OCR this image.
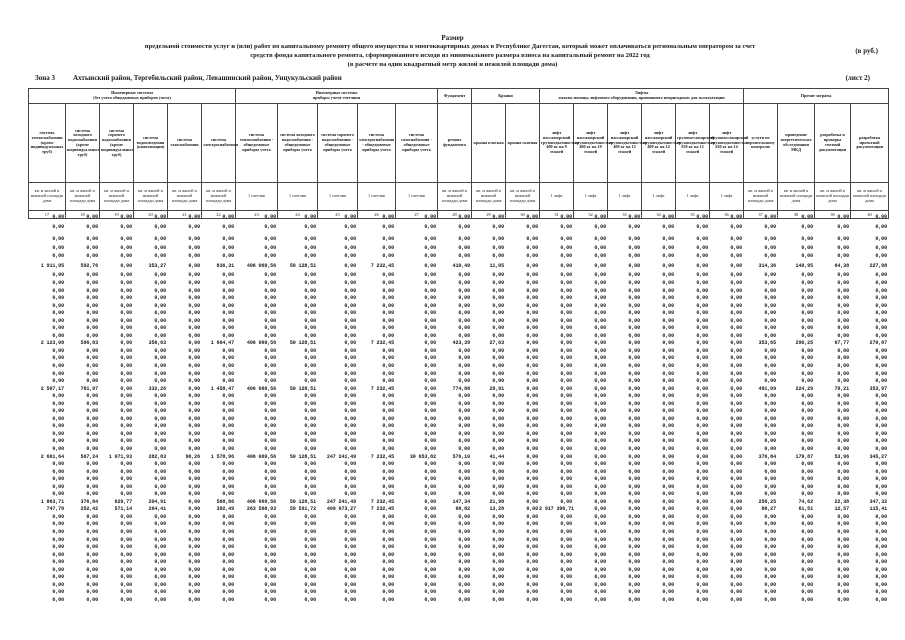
Размер
предельной стоимости услуг и (или) работ по капитальному ремонту общего имущества в многоквартирных домах в Республике Дагестан, который может оплачиваться региональным оператором за счет
средств фонда капитального ремонта, сформированного исходя из минимального размера взноса на капитальный ремонт на 2022 год
(в расчете на один квадратный метр жилой и нежилой площади дома)
(в руб.)
Зона 3	Ахтынский район, Тергебильский район, Левашинский район, Унцукульский район	(лист 2)
Инженерные системы
(без учета общедомовых приборов учета)						Инженерные системы
приборы учета-счетчики					Фундамент	Крыши		Лифты
оплаты помощь лифтового оборудования, признанного непригодным для эксплуатации						Прочие затраты			
система теплоснабжения (кроме индивидуальных труб)	система холодного водоснабжения (кроме индивидуальных труб)	система горячего водоснабжения (кроме индивидуальных труб)	система водоотведения (канализации)	система газоснабжения	система электроснабжения	система теплоснабжения - общедомовые приборы учета	система холодного водоснабжения - общедомовые приборы учета	система горячего водоснабжения - общедомовые приборы учета	система электроснабжения - общедомовые приборы учета	система газоснабжения - общедомовые приборы учета	ремонт фундамента	крыша плоская	крыша скатная	лифт пассажирский грузоподъемностью 400 кг на 9 этажей	лифт пассажирский грузоподъемностью 400 кг на 10 этажей	лифт пассажирский грузоподъемностью 400 кг на 12 этажей	лифт пассажирский грузоподъемностью 400 кг на 14 этажей	лифт грузопассажирский грузоподъемностью 630 кг на 12 этажей	лифт грузопассажирский грузоподъемностью 630 кг на 14 этажей	услуги по строительному контролю	проведение энергетического обследования МКД	разработка и проверка сметной документации	разработка проектной документации
кв. м жилой и нежилой площади дома	кв. м жилой и нежилой площади дома	кв. м жилой и нежилой площади дома	кв. м жилой и нежилой площади дома	кв. м жилой и нежилой площади дома	кв. м жилой и нежилой площади дома	1 счетчик	1 счетчик	1 счетчик	1 счетчик	1 счетчик	кв. м жилой и нежилой площади дома	кв. м жилой и нежилой площади дома	кв. м жилой и нежилой площади дома	1 лифт	1 лифт	1 лифт	1 лифт	1 лифт	1 лифт	кв. м жилой и нежилой площади дома	кв. м жилой и нежилой площади дома	кв. м жилой и нежилой площади дома	кв. м жилой и нежилой площади дома
17	18	19	20	21	22	23	24	25	26	27	28	29	30	31	32	33	34	35	36	37	38	39	40
0,00	0,00	0,00	0,00	0,00	0,00	0,00	0,00	0,00	0,00	0,00	0,00	0,00	0,00	0,00	0,00	0,00	0,00	0,00	0,00	0,00	0,00	0,00	0,00
0,00	0,00	0,00	0,00	0,00	0,00	0,00	0,00	0,00	0,00	0,00	0,00	0,00	0,00	0,00	0,00	0,00	0,00	0,00	0,00	0,00	0,00	0,00	0,00
0,00	0,00	0,00	0,00	0,00	0,00	0,00	0,00	0,00	0,00	0,00	0,00	0,00	0,00	0,00	0,00	0,00	0,00	0,00	0,00	0,00	0,00	0,00	0,00
0,00	0,00	0,00	0,00	0,00	0,00	0,00	0,00	0,00	0,00	0,00	0,00	0,00	0,00	0,00	0,00	0,00	0,00	0,00	0,00	0,00	0,00	0,00	0,00
0,00	0,00	0,00	0,00	0,00	0,00	0,00	0,00	0,00	0,00	0,00	0,00	0,00	0,00	0,00	0,00	0,00	0,00	0,00	0,00	0,00	0,00	0,00	0,00
1 911,95	592,76	0,00	353,27	0,00	836,31	406 069,56	50 128,51	0,00	7 232,45	0,00	410,49	11,05	0,00	0,00	0,00	0,00	0,00	0,00	0,00	314,36	149,95	64,38	227,98
0,00	0,00	0,00	0,00	0,00	0,00	0,00	0,00	0,00	0,00	0,00	0,00	0,00	0,00	0,00	0,00	0,00	0,00	0,00	0,00	0,00	0,00	0,00	0,00
0,00	0,00	0,00	0,00	0,00	0,00	0,00	0,00	0,00	0,00	0,00	0,00	0,00	0,00	0,00	0,00	0,00	0,00	0,00	0,00	0,00	0,00	0,00	0,00
0,00	0,00	0,00	0,00	0,00	0,00	0,00	0,00	0,00	0,00	0,00	0,00	0,00	0,00	0,00	0,00	0,00	0,00	0,00	0,00	0,00	0,00	0,00	0,00
0,00	0,00	0,00	0,00	0,00	0,00	0,00	0,00	0,00	0,00	0,00	0,00	0,00	0,00	0,00	0,00	0,00	0,00	0,00	0,00	0,00	0,00	0,00	0,00
0,00	0,00	0,00	0,00	0,00	0,00	0,00	0,00	0,00	0,00	0,00	0,00	0,00	0,00	0,00	0,00	0,00	0,00	0,00	0,00	0,00	0,00	0,00	0,00
0,00	0,00	0,00	0,00	0,00	0,00	0,00	0,00	0,00	0,00	0,00	0,00	0,00	0,00	0,00	0,00	0,00	0,00	0,00	0,00	0,00	0,00	0,00	0,00
0,00	0,00	0,00	0,00	0,00	0,00	0,00	0,00	0,00	0,00	0,00	0,00	0,00	0,00	0,00	0,00	0,00	0,00	0,00	0,00	0,00	0,00	0,00	0,00
0,00	0,00	0,00	0,00	0,00	0,00	0,00	0,00	0,00	0,00	0,00	0,00	0,00	0,00	0,00	0,00	0,00	0,00	0,00	0,00	0,00	0,00	0,00	0,00
0,00	0,00	0,00	0,00	0,00	0,00	0,00	0,00	0,00	0,00	0,00	0,00	0,00	0,00	0,00	0,00	0,00	0,00	0,00	0,00	0,00	0,00	0,00	0,00
2 123,08	596,83	0,00	356,63	0,00	1 664,47	406 069,56	50 128,51	0,00	7 232,45	0,00	423,39	27,63	0,00	0,00	0,00	0,00	0,00	0,00	0,00	353,65	290,25	67,77	270,87
0,00	0,00	0,00	0,00	0,00	0,00	0,00	0,00	0,00	0,00	0,00	0,00	0,00	0,00	0,00	0,00	0,00	0,00	0,00	0,00	0,00	0,00	0,00	0,00
0,00	0,00	0,00	0,00	0,00	0,00	0,00	0,00	0,00	0,00	0,00	0,00	0,00	0,00	0,00	0,00	0,00	0,00	0,00	0,00	0,00	0,00	0,00	0,00
0,00	0,00	0,00	0,00	0,00	0,00	0,00	0,00	0,00	0,00	0,00	0,00	0,00	0,00	0,00	0,00	0,00	0,00	0,00	0,00	0,00	0,00	0,00	0,00
0,00	0,00	0,00	0,00	0,00	0,00	0,00	0,00	0,00	0,00	0,00	0,00	0,00	0,00	0,00	0,00	0,00	0,00	0,00	0,00	0,00	0,00	0,00	0,00
0,00	0,00	0,00	0,00	0,00	0,00	0,00	0,00	0,00	0,00	0,00	0,00	0,00	0,00	0,00	0,00	0,00	0,00	0,00	0,00	0,00	0,00	0,00	0,00
2 507,17	761,97	0,00	332,26	0,00	1 458,47	406 069,56	50 128,51	0,00	7 232,45	0,00	774,88	29,91	0,00	0,00	0,00	0,00	0,00	0,00	0,00	491,09	224,29	79,21	353,97
0,00	0,00	0,00	0,00	0,00	0,00	0,00	0,00	0,00	0,00	0,00	0,00	0,00	0,00	0,00	0,00	0,00	0,00	0,00	0,00	0,00	0,00	0,00	0,00
0,00	0,00	0,00	0,00	0,00	0,00	0,00	0,00	0,00	0,00	0,00	0,00	0,00	0,00	0,00	0,00	0,00	0,00	0,00	0,00	0,00	0,00	0,00	0,00
0,00	0,00	0,00	0,00	0,00	0,00	0,00	0,00	0,00	0,00	0,00	0,00	0,00	0,00	0,00	0,00	0,00	0,00	0,00	0,00	0,00	0,00	0,00	0,00
0,00	0,00	0,00	0,00	0,00	0,00	0,00	0,00	0,00	0,00	0,00	0,00	0,00	0,00	0,00	0,00	0,00	0,00	0,00	0,00	0,00	0,00	0,00	0,00
0,00	0,00	0,00	0,00	0,00	0,00	0,00	0,00	0,00	0,00	0,00	0,00	0,00	0,00	0,00	0,00	0,00	0,00	0,00	0,00	0,00	0,00	0,00	0,00
0,00	0,00	0,00	0,00	0,00	0,00	0,00	0,00	0,00	0,00	0,00	0,00	0,00	0,00	0,00	0,00	0,00	0,00	0,00	0,00	0,00	0,00	0,00	0,00
0,00	0,00	0,00	0,00	0,00	0,00	0,00	0,00	0,00	0,00	0,00	0,00	0,00	0,00	0,00	0,00	0,00	0,00	0,00	0,00	0,00	0,00	0,00	0,00
0,00	0,00	0,00	0,00	0,00	0,00	0,00	0,00	0,00	0,00	0,00	0,00	0,00	0,00	0,00	0,00	0,00	0,00	0,00	0,00	0,00	0,00	0,00	0,00
2 661,64	567,24	1 071,93	282,83	96,26	1 578,96	406 069,56	50 128,51	247 241,49	7 232,45	30 653,82	576,10	41,44	0,00	0,00	0,00	0,00	0,00	0,00	0,00	376,84	179,87	53,96	345,27
0,00	0,00	0,00	0,00	0,00	0,00	0,00	0,00	0,00	0,00	0,00	0,00	0,00	0,00	0,00	0,00	0,00	0,00	0,00	0,00	0,00	0,00	0,00	0,00
0,00	0,00	0,00	0,00	0,00	0,00	0,00	0,00	0,00	0,00	0,00	0,00	0,00	0,00	0,00	0,00	0,00	0,00	0,00	0,00	0,00	0,00	0,00	0,00
0,00	0,00	0,00	0,00	0,00	0,00	0,00	0,00	0,00	0,00	0,00	0,00	0,00	0,00	0,00	0,00	0,00	0,00	0,00	0,00	0,00	0,00	0,00	0,00
0,00	0,00	0,00	0,00	0,00	0,00	0,00	0,00	0,00	0,00	0,00	0,00	0,00	0,00	0,00	0,00	0,00	0,00	0,00	0,00	0,00	0,00	0,00	0,00
0,00	0,00	0,00	0,00	0,00	0,00	0,00	0,00	0,00	0,00	0,00	0,00	0,00	0,00	0,00	0,00	0,00	0,00	0,00	0,00	0,00	0,00	0,00	0,00
1 863,71	376,84	629,77	204,91	0,00	568,86	406 069,56	50 128,51	247 241,49	7 232,45	0,00	147,34	21,98	0,00	0,00	0,00	0,00	0,00	0,00	0,00	256,25	74,62	22,38	347,32
747,78	252,42	571,14	264,41	0,00	392,49	263 568,93	59 591,72	409 073,27	7 232,45	0,00	68,82	13,28	0,00	2 917 396,71	0,00	0,00	0,00	0,00	0,00	88,27	61,51	12,57	115,41
0,00	0,00	0,00	0,00	0,00	0,00	0,00	0,00	0,00	0,00	0,00	0,00	0,00	0,00	0,00	0,00	0,00	0,00	0,00	0,00	0,00	0,00	0,00	0,00
0,00	0,00	0,00	0,00	0,00	0,00	0,00	0,00	0,00	0,00	0,00	0,00	0,00	0,00	0,00	0,00	0,00	0,00	0,00	0,00	0,00	0,00	0,00	0,00
0,00	0,00	0,00	0,00	0,00	0,00	0,00	0,00	0,00	0,00	0,00	0,00	0,00	0,00	0,00	0,00	0,00	0,00	0,00	0,00	0,00	0,00	0,00	0,00
0,00	0,00	0,00	0,00	0,00	0,00	0,00	0,00	0,00	0,00	0,00	0,00	0,00	0,00	0,00	0,00	0,00	0,00	0,00	0,00	0,00	0,00	0,00	0,00
0,00	0,00	0,00	0,00	0,00	0,00	0,00	0,00	0,00	0,00	0,00	0,00	0,00	0,00	0,00	0,00	0,00	0,00	0,00	0,00	0,00	0,00	0,00	0,00
0,00	0,00	0,00	0,00	0,00	0,00	0,00	0,00	0,00	0,00	0,00	0,00	0,00	0,00	0,00	0,00	0,00	0,00	0,00	0,00	0,00	0,00	0,00	0,00
0,00	0,00	0,00	0,00	0,00	0,00	0,00	0,00	0,00	0,00	0,00	0,00	0,00	0,00	0,00	0,00	0,00	0,00	0,00	0,00	0,00	0,00	0,00	0,00
0,00	0,00	0,00	0,00	0,00	0,00	0,00	0,00	0,00	0,00	0,00	0,00	0,00	0,00	0,00	0,00	0,00	0,00	0,00	0,00	0,00	0,00	0,00	0,00
0,00	0,00	0,00	0,00	0,00	0,00	0,00	0,00	0,00	0,00	0,00	0,00	0,00	0,00	0,00	0,00	0,00	0,00	0,00	0,00	0,00	0,00	0,00	0,00
0,00	0,00	0,00	0,00	0,00	0,00	0,00	0,00	0,00	0,00	0,00	0,00	0,00	0,00	0,00	0,00	0,00	0,00	0,00	0,00	0,00	0,00	0,00	0,00
0,00	0,00	0,00	0,00	0,00	0,00	0,00	0,00	0,00	0,00	0,00	0,00	0,00	0,00	0,00	0,00	0,00	0,00	0,00	0,00	0,00	0,00	0,00	0,00
0,00	0,00	0,00	0,00	0,00	0,00	0,00	0,00	0,00	0,00	0,00	0,00	0,00	0,00	0,00	0,00	0,00	0,00	0,00	0,00	0,00	0,00	0,00	0,00
